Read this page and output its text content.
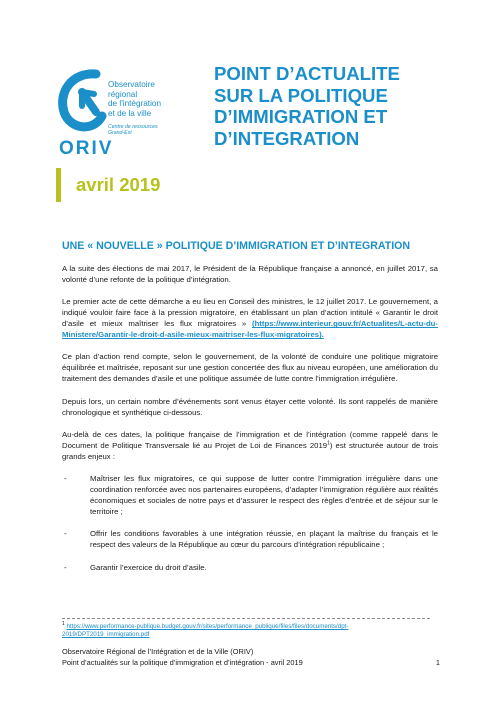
Observatoire
régional
de l'intégration
et de la ville
Centre de ressources
Grand-Est
ORIV
POINT D’ACTUALITE
SUR LA POLITIQUE
D’IMMIGRATION ET
D’INTEGRATION
avril 2019
UNE « NOUVELLE » POLITIQUE D’IMMIGRATION ET D’INTEGRATION

A la suite des élections de mai 2017, le Président de la République française a annoncé, en juillet 2017, sa volonté d’une refonte de la politique d’intégration.

Le premier acte de cette démarche a eu lieu en Conseil des ministres, le 12 juillet 2017. Le gouvernement, a indiqué vouloir faire face à la pression migratoire, en établissant un plan d’action intitulé « Garantir le droit d’asile et mieux maîtriser les flux migratoires » (https://www.interieur.gouv.fr/Actualites/L-actu-du-Ministere/Garantir-le-droit-d-asile-mieux-maitriser-les-flux-migratoires).

Ce plan d’action rend compte, selon le gouvernement, de la volonté de conduire une politique migratoire équilibrée et maîtrisée, reposant sur une gestion concertée des flux au niveau européen, une amélioration du traitement des demandes d’asile et une politique assumée de lutte contre l’immigration irrégulière.

Depuis lors, un certain nombre d’événements sont venus étayer cette volonté. Ils sont rappelés de manière chronologique et synthétique ci-dessous.

Au-delà de ces dates, la politique française de l’immigration et de l’intégration (comme rappelé dans le Document de Politique Transversale lié au Projet de Loi de Finances 2019$^1$) est structurée autour de trois grands enjeux :

- Maîtriser les flux migratoires, ce qui suppose de lutter contre l’immigration irrégulière dans une coordination renforcée avec nos partenaires européens, d’adapter l’immigration régulière aux réalités économiques et sociales de notre pays et d’assurer le respect des règles d’entrée et de séjour sur le territoire ;
- Offrir les conditions favorables à une intégration réussie, en plaçant la maîtrise du français et le respect des valeurs de la République au cœur du parcours d’intégration républicaine ;
- Garantir l’exercice du droit d’asile.
$^1$ https://www.performance-publique.budget.gouv.fr/sites/performance_publique/files/files/documents/dpt-2019/DPT2019_immigration.pdf
Observatoire Régional de l’Intégration et de la Ville (ORIV)
Point d’actualités sur la politique d’immigration et d’intégration - avril 2019	1
